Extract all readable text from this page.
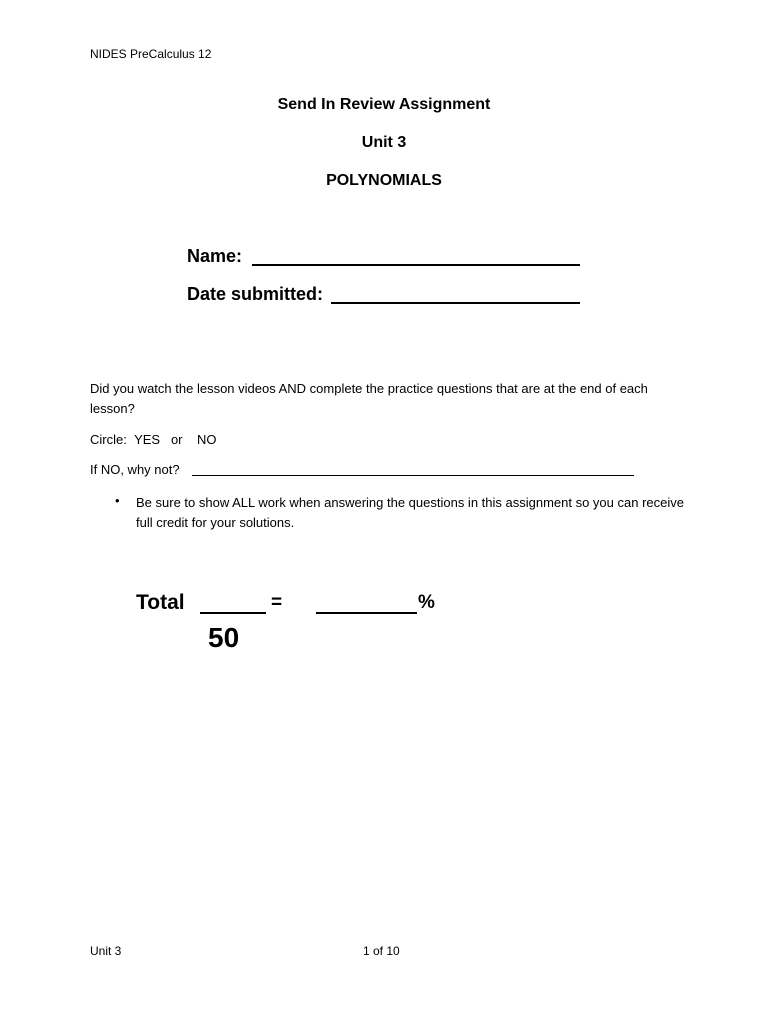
NIDES PreCalculus 12
Send In Review Assignment
Unit 3
POLYNOMIALS
Name:
Date submitted:
Did you watch the lesson videos AND complete the practice questions that are at the end of each lesson?
Circle: YES or NO
If NO, why not?
• Be sure to show ALL work when answering the questions in this assignment so you can receive full credit for your solutions.
Total	=	%
50
Unit 3	1 of 10
